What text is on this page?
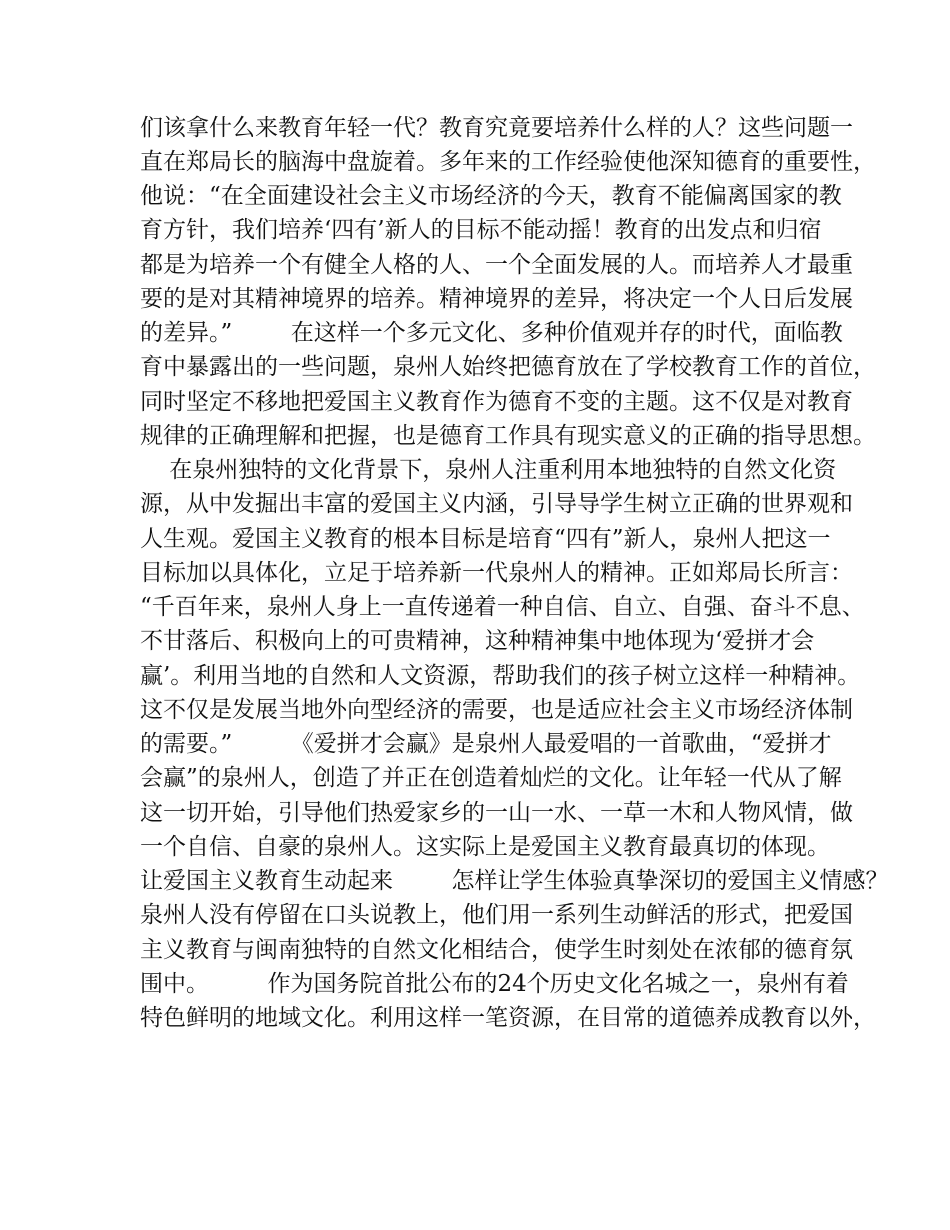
们该拿什么来教育年轻一代？教育究竟要培养什么样的人？这些问题一
直在郑局长的脑海中盘旋着。多年来的工作经验使他深知德育的重要性，
他说：“在全面建设社会主义市场经济的今天，教育不能偏离国家的教
育方针，我们培养‘四有’新人的目标不能动摇！教育的出发点和归宿
都是为培养一个有健全人格的人、一个全面发展的人。而培养人才最重
要的是对其精神境界的培养。精神境界的差异，将决定一个人日后发展
的差异。”        在这样一个多元文化、多种价值观并存的时代，面临教
育中暴露出的一些问题，泉州人始终把德育放在了学校教育工作的首位，
同时坚定不移地把爱国主义教育作为德育不变的主题。这不仅是对教育
规律的正确理解和把握，也是德育工作具有现实意义的正确的指导思想。
在泉州独特的文化背景下，泉州人注重利用本地独特的自然文化资
源，从中发掘出丰富的爱国主义内涵，引导导学生树立正确的世界观和
人生观。爱国主义教育的根本目标是培育“四有”新人，泉州人把这一
目标加以具体化，立足于培养新一代泉州人的精神。正如郑局长所言：
“千百年来，泉州人身上一直传递着一种自信、自立、自强、奋斗不息、
不甘落后、积极向上的可贵精神，这种精神集中地体现为‘爱拼才会
赢’。利用当地的自然和人文资源，帮助我们的孩子树立这样一种精神。
这不仅是发展当地外向型经济的需要，也是适应社会主义市场经济体制
的需要。”        《爱拼才会赢》是泉州人最爱唱的一首歌曲，“爱拼才
会赢”的泉州人，创造了并正在创造着灿烂的文化。让年轻一代从了解
这一切开始，引导他们热爱家乡的一山一水、一草一木和人物风情，做
一个自信、自豪的泉州人。这实际上是爱国主义教育最真切的体现。
让爱国主义教育生动起来        怎样让学生体验真挚深切的爱国主义情感？
泉州人没有停留在口头说教上，他们用一系列生动鲜活的形式，把爱国
主义教育与闽南独特的自然文化相结合，使学生时刻处在浓郁的德育氛
围中。        作为国务院首批公布的24个历史文化名城之一，泉州有着
特色鲜明的地域文化。利用这样一笔资源，在目常的道德养成教育以外，
